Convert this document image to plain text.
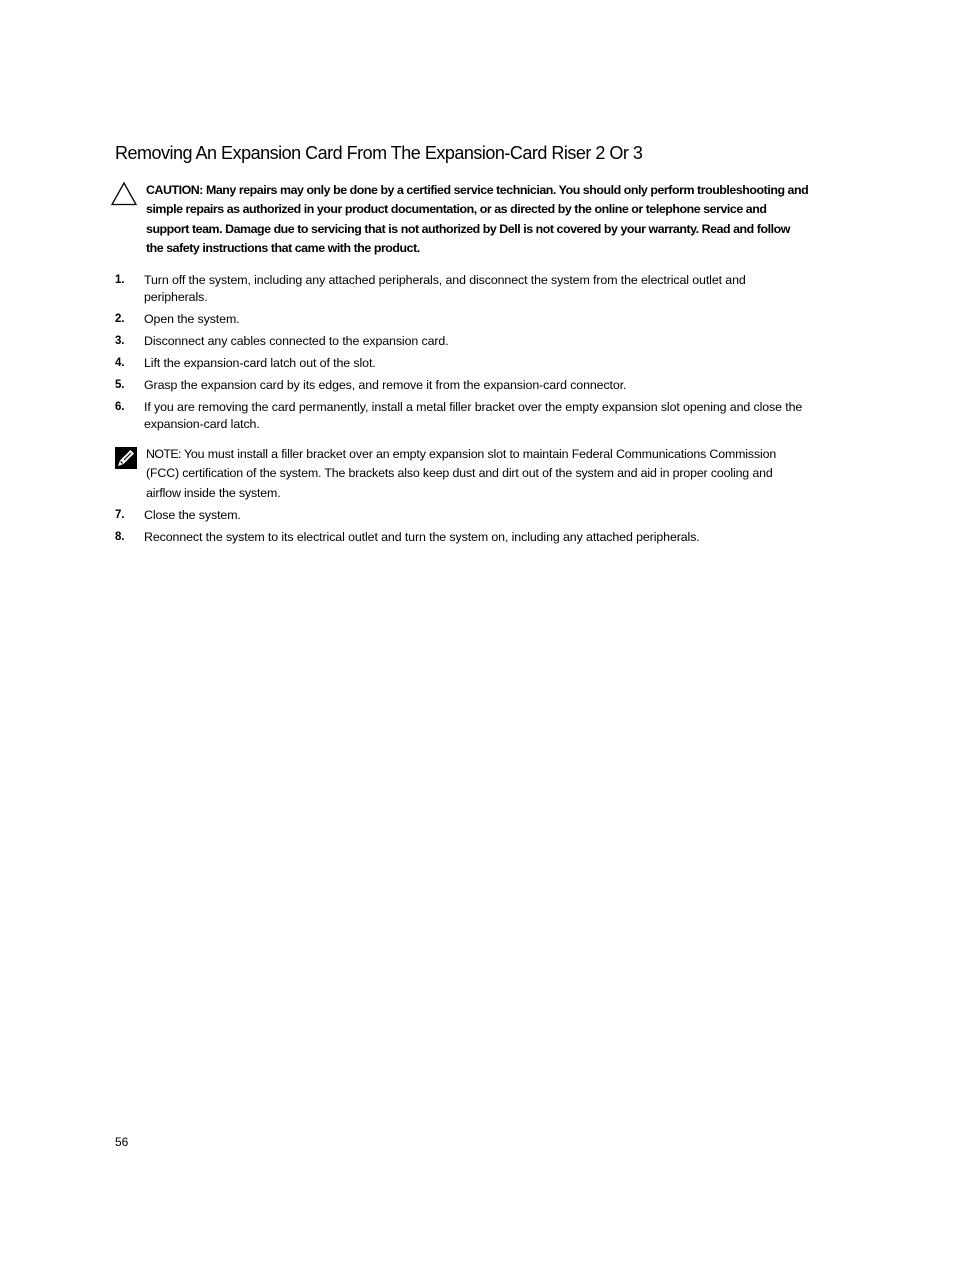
Removing An Expansion Card From The Expansion-Card Riser 2 Or 3
CAUTION: Many repairs may only be done by a certified service technician. You should only perform troubleshooting and simple repairs as authorized in your product documentation, or as directed by the online or telephone service and support team. Damage due to servicing that is not authorized by Dell is not covered by your warranty. Read and follow the safety instructions that came with the product.
1. Turn off the system, including any attached peripherals, and disconnect the system from the electrical outlet and peripherals.
2. Open the system.
3. Disconnect any cables connected to the expansion card.
4. Lift the expansion-card latch out of the slot.
5. Grasp the expansion card by its edges, and remove it from the expansion-card connector.
6. If you are removing the card permanently, install a metal filler bracket over the empty expansion slot opening and close the expansion-card latch.
NOTE: You must install a filler bracket over an empty expansion slot to maintain Federal Communications Commission (FCC) certification of the system. The brackets also keep dust and dirt out of the system and aid in proper cooling and airflow inside the system.
7. Close the system.
8. Reconnect the system to its electrical outlet and turn the system on, including any attached peripherals.
56
